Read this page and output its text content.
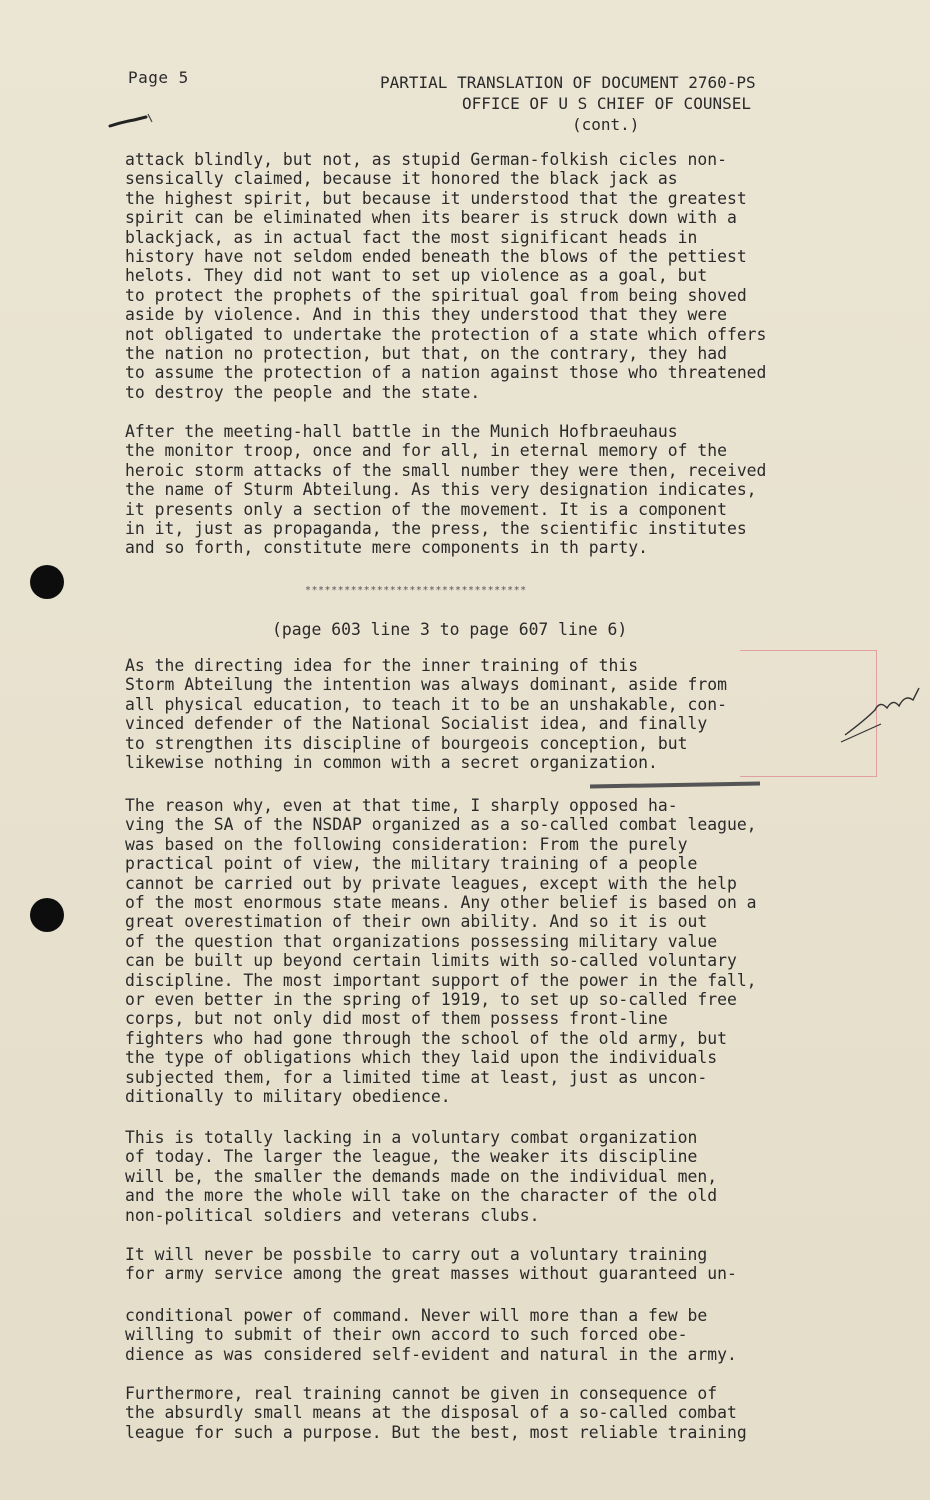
Page 5	PARTIAL TRANSLATION OF DOCUMENT 2760-PS
OFFICE OF U S CHIEF OF COUNSEL
(cont.)

attack blindly, but not, as stupid German-folkish cicles non-
sensically claimed, because it honored the black jack as
the highest spirit, but because it understood that the greatest
spirit can be eliminated when its bearer is struck down with a
blackjack, as in actual fact the most significant heads in
history have not seldom ended beneath the blows of the pettiest
helots. They did not want to set up violence as a goal, but
to protect the prophets of the spiritual goal from being shoved
aside by violence. And in this they understood that they were
not obligated to undertake the protection of a state which offers
the nation no protection, but that, on the contrary, they had
to assume the protection of a nation against those who threatened
to destroy the people and the state.

After the meeting-hall battle in the Munich Hofbraeuhaus
the monitor troop, once and for all, in eternal memory of the
heroic storm attacks of the small number they were then, received
the name of Sturm Abteilung. As this very designation indicates,
it presents only a section of the movement. It is a component
in it, just as propaganda, the press, the scientific institutes
and so forth, constitute mere components in th party.

**********************************
(page 603 line 3 to page 607 line 6)

As the directing idea for the inner training of this
Storm Abteilung the intention was always dominant, aside from
all physical education, to teach it to be an unshakable, con-
vinced defender of the National Socialist idea, and finally
to strengthen its discipline of bourgeois conception, but
likewise nothing in common with a secret organization.

The reason why, even at that time, I sharply opposed ha-
ving the SA of the NSDAP organized as a so-called combat league,
was based on the following consideration: From the purely
practical point of view, the military training of a people
cannot be carried out by private leagues, except with the help
of the most enormous state means. Any other belief is based on a
great overestimation of their own ability. And so it is out
of the question that organizations possessing military value
can be built up beyond certain limits with so-called voluntary
discipline. The most important support of the power in the fall,
or even better in the spring of 1919, to set up so-called free
corps, but not only did most of them possess front-line
fighters who had gone through the school of the old army, but
the type of obligations which they laid upon the individuals
subjected them, for a limited time at least, just as uncon-
ditionally to military obedience.

This is totally lacking in a voluntary combat organization
of today. The larger the league, the weaker its discipline
will be, the smaller the demands made on the individual men,
and the more the whole will take on the character of the old
non-political soldiers and veterans clubs.

It will never be possbile to carry out a voluntary training
for army service among the great masses without guaranteed un-

conditional power of command. Never will more than a few be
willing to submit of their own accord to such forced obe-
dience as was considered self-evident and natural in the army.

Furthermore, real training cannot be given in consequence of
the absurdly small means at the disposal of a so-called combat
league for such a purpose. But the best, most reliable training
